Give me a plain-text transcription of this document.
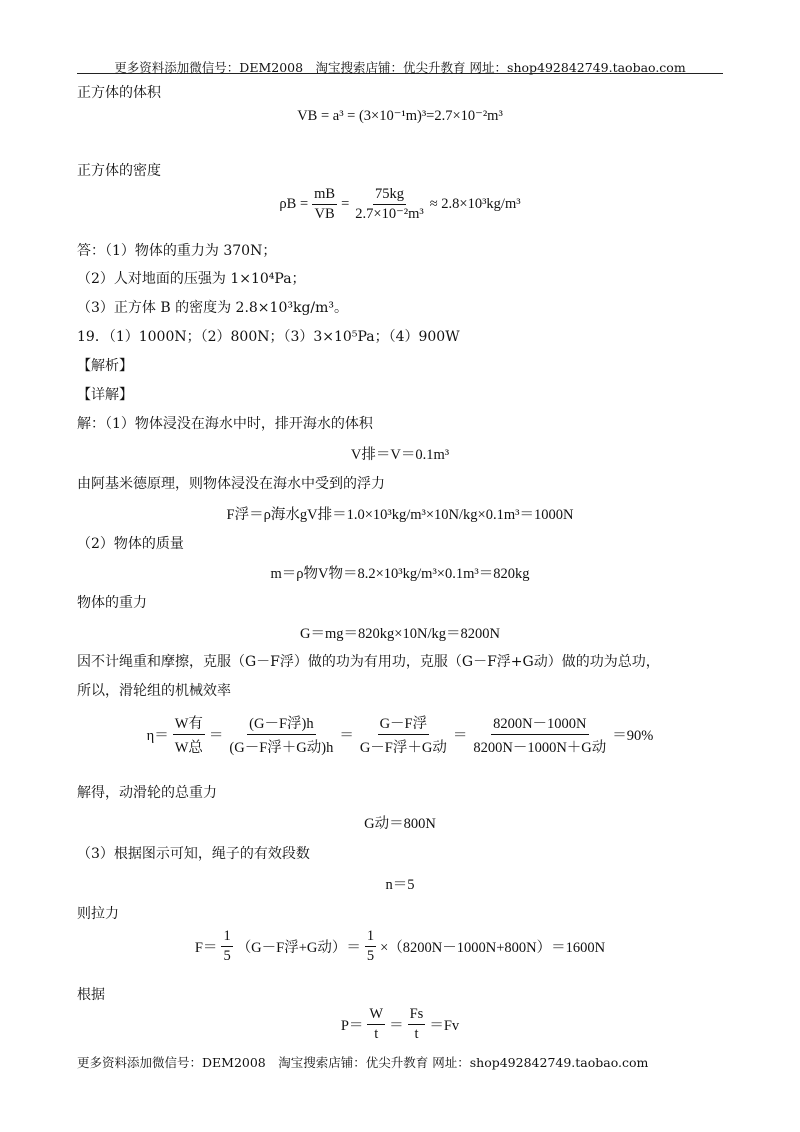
更多资料添加微信号：DEM2008　淘宝搜索店铺：优尖升教育 网址：shop492842749.taobao.com
正方体的体积
VB = a³ = (3×10⁻¹m)³=2.7×10⁻²m³
正方体的密度
$\rho B = \frac{mB}{VB} = \frac{75kg}{\text{2.7×10⁻²m³}} \approx 2.8\times 10^3kg/m^3$
答：（1）物体的重力为 370N；
（2）人对地面的压强为 1×10⁴Pa；
（3）正方体 B 的密度为 2.8×10³kg/m³。
19．（1）1000N；（2）800N；（3）3×10⁵Pa；（4）900W
【解析】
【详解】
解：（1）物体浸没在海水中时，排开海水的体积
V排＝V＝0.1m³
由阿基米德原理，则物体浸没在海水中受到的浮力
F浮＝ρ海水gV排＝1.0×10³kg/m³×10N/kg×0.1m³＝1000N
（2）物体的质量
m＝ρ物V物＝8.2×10³kg/m³×0.1m³＝820kg
物体的重力
G＝mg＝820kg×10N/kg＝8200N
因不计绳重和摩擦，克服（G－F浮）做的功为有用功，克服（G－F浮+G动）做的功为总功，
所以，滑轮组的机械效率
$\eta= \frac{\text{W有}}{\text{W总}} = \frac{\text{(G－F浮)h}}{\text{(G－F浮＋G动)h}} = \frac{\text{G－F浮}}{\text{G－F浮＋G动}} = \frac{8200N-1000N}{\text{8200N－1000N＋G动}} =90\%$
解得，动滑轮的总重力
G动＝800N
（3）根据图示可知，绳子的有效段数
n＝5
则拉力
$F= \frac{1}{5} (G-F$浮+G动）＝ $\frac{1}{5} \times(8200N-1000N+800N)=1600N$
根据
$P= \frac{W}{t} = \frac{Fs}{t} =Fv$
更多资料添加微信号：DEM2008　淘宝搜索店铺：优尖升教育 网址：shop492842749.taobao.com
